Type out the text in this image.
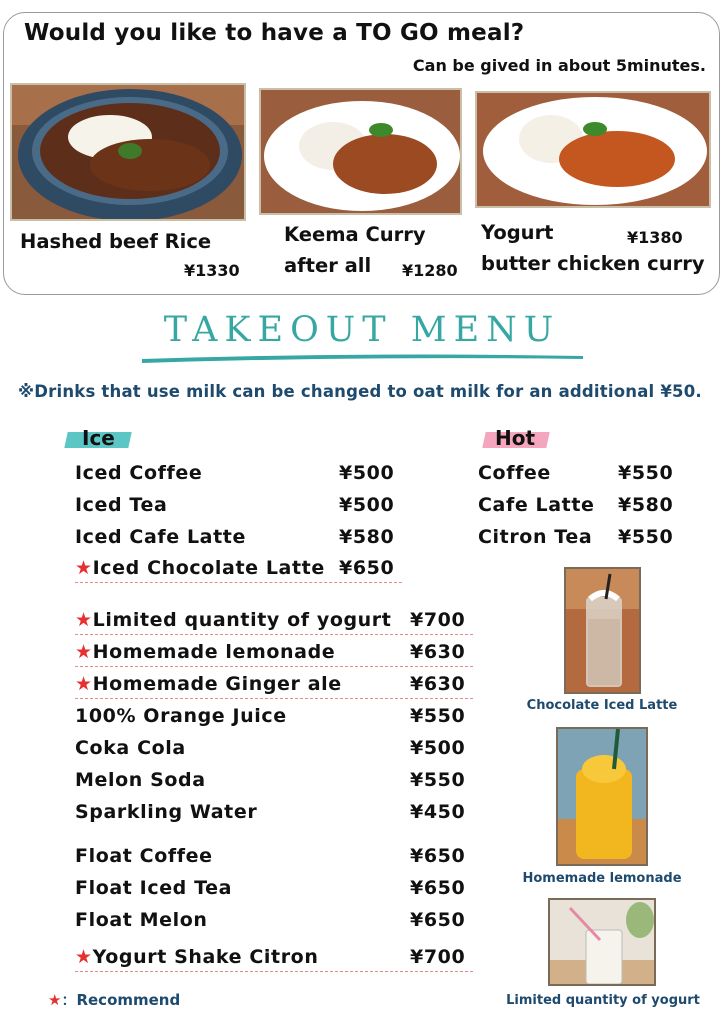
Would you like to have a TO GO meal?
Can be gived in about 5minutes.
Hashed beef Rice
¥1330
Keema Curry
after all ¥1280
Yogurt	¥1380
butter chicken curry
TAKEOUT MENU
※Drinks that use milk can be changed to oat milk for an additional ¥50.
Ice	Hot
Iced Coffee	¥500
Iced Tea	¥500
Iced Cafe Latte	¥580
★Iced Chocolate Latte ¥650
★Limited quantity of yogurt ¥700
★Homemade lemonade	¥630
★Homemade Ginger ale	¥630
100% Orange Juice	¥550
Coka Cola	¥500
Melon Soda	¥550
Sparkling Water	¥450
Float Coffee	¥650
Float Iced Tea	¥650
Float Melon	¥650
★Yogurt Shake Citron	¥700
Coffee	¥550
Cafe Latte ¥580
Citron Tea ¥550
Chocolate Iced Latte
Homemade lemonade
Limited quantity of yogurt
★：Recommend
